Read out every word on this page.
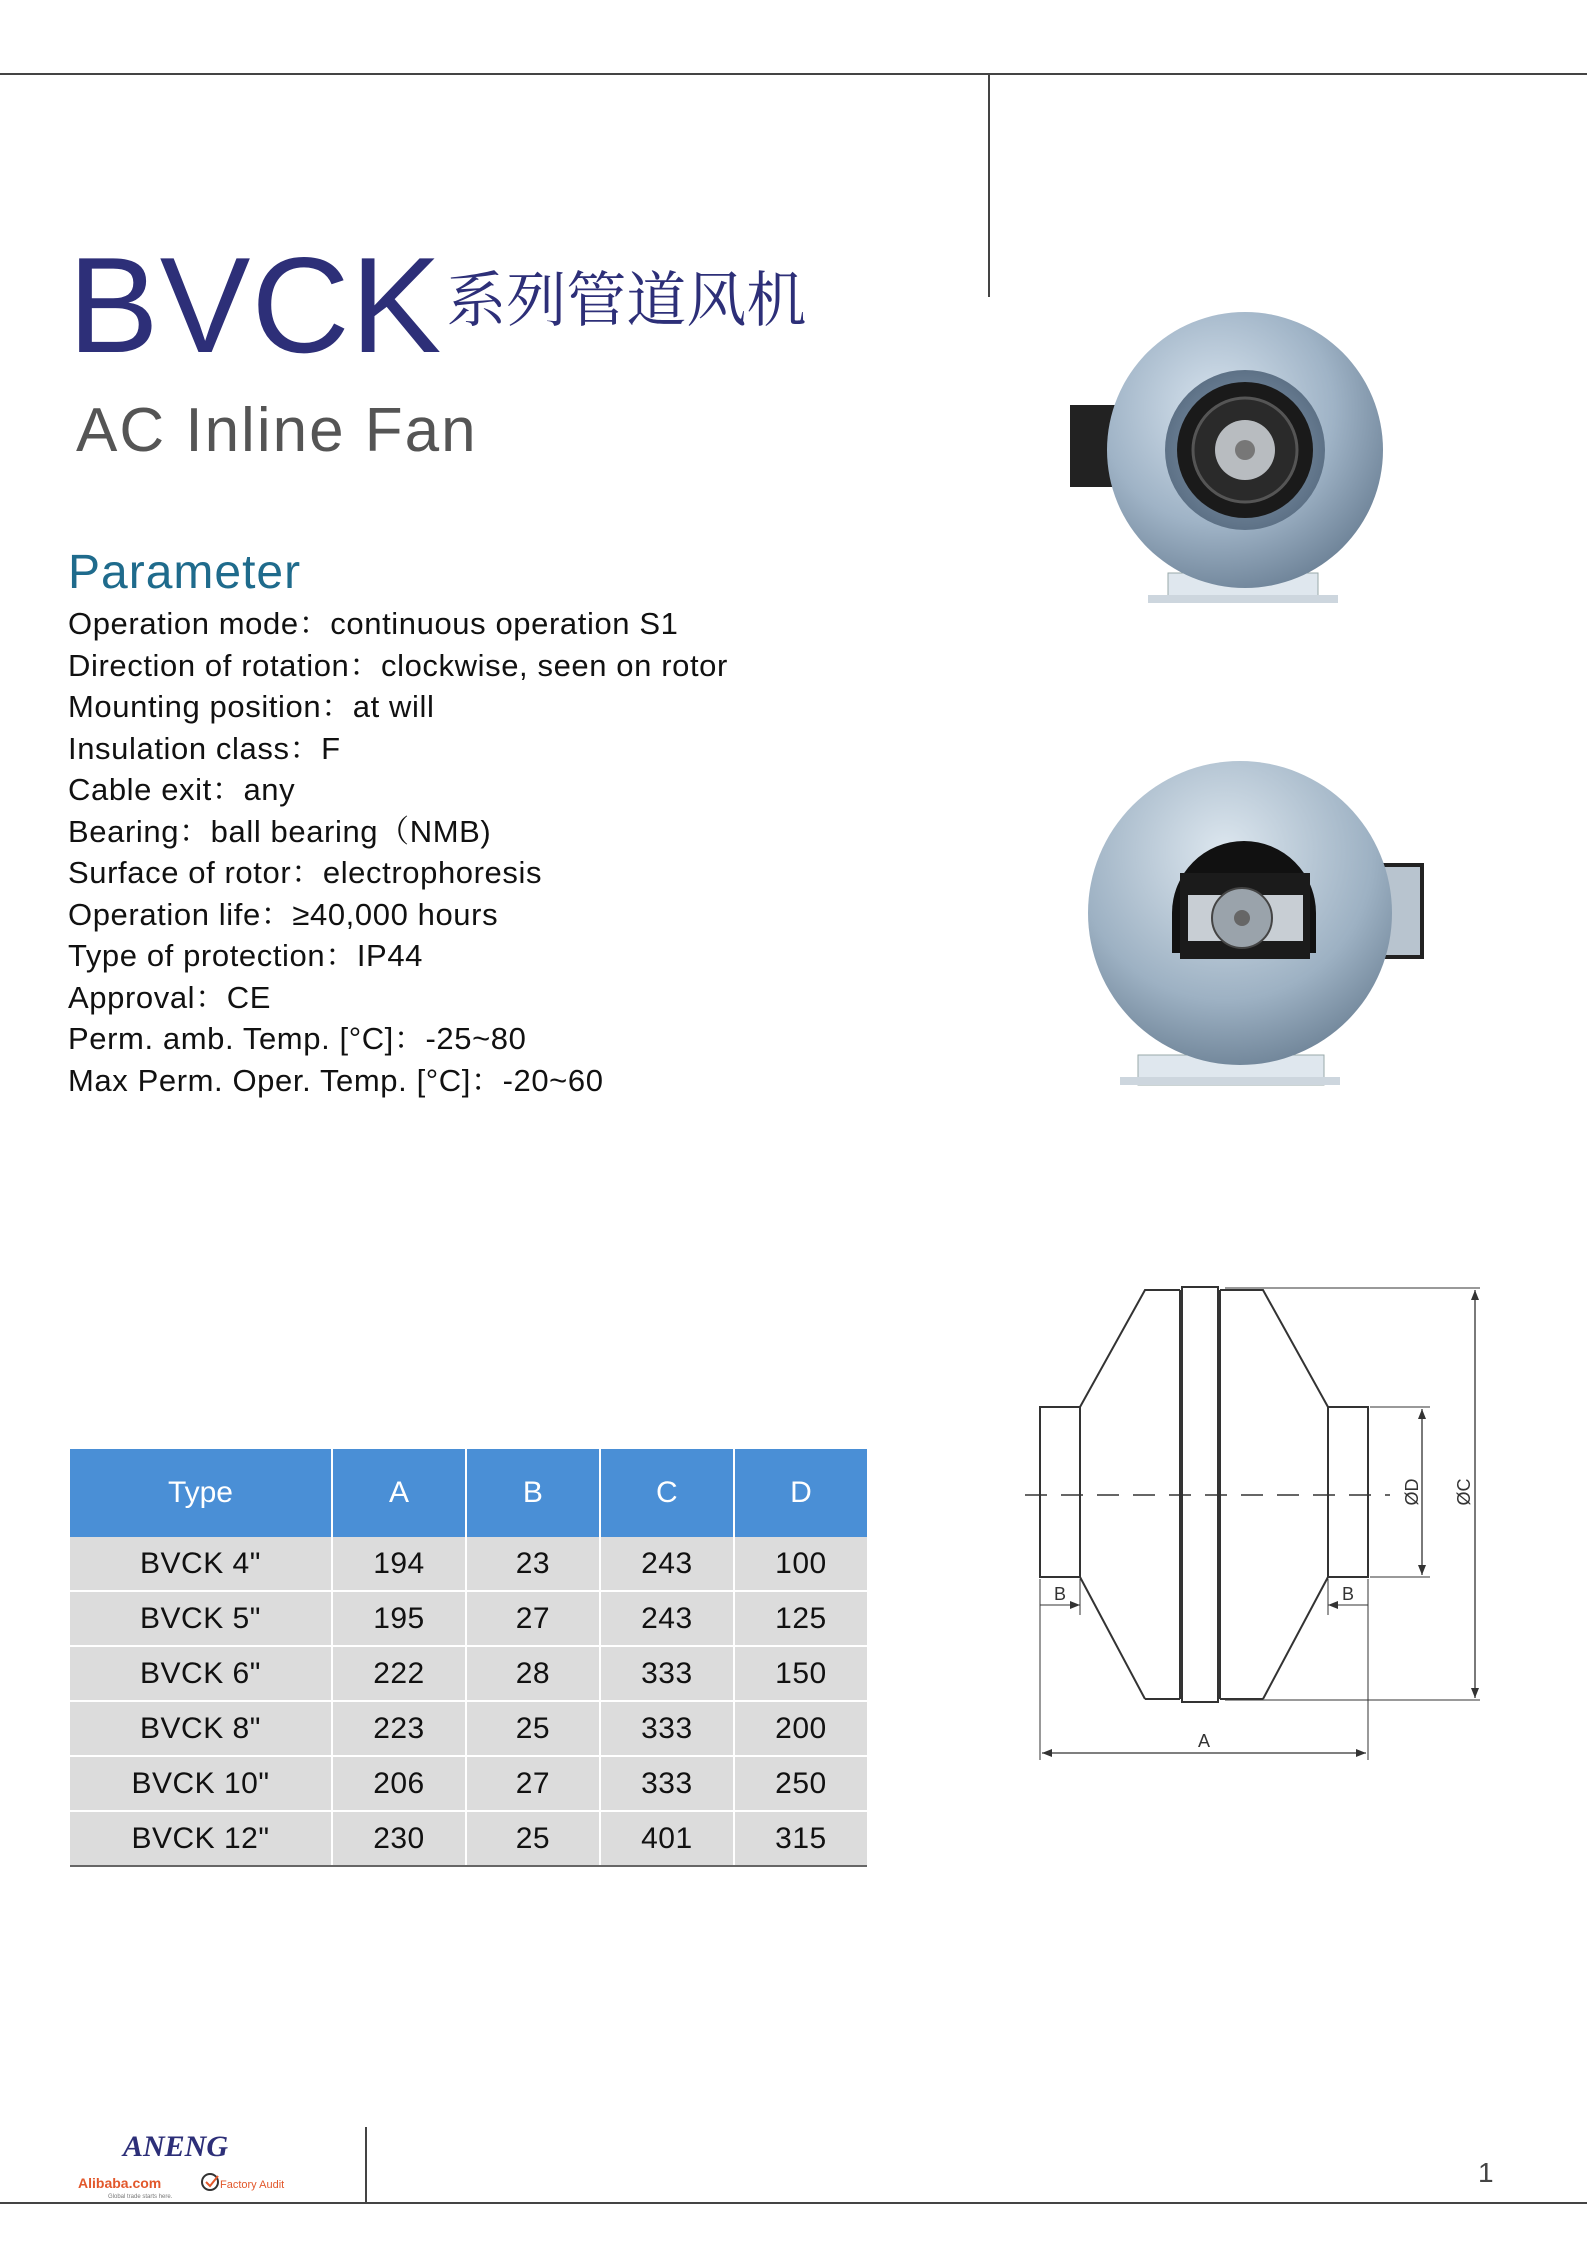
BVCK系列管道风机
AC Inline Fan
Parameter
Operation mode：continuous operation S1
Direction of rotation：clockwise, seen on rotor
Mounting position：at will
Insulation class：F
Cable exit：any
Bearing：ball bearing（NMB)
Surface of rotor：electrophoresis
Operation life：≥40,000 hours
Type of protection：IP44
Approval：CE
Perm. amb. Temp. [°C]：-25~80
Max Perm. Oper. Temp. [°C]：-20~60
B	B
A
ØD ØC
Type	A	B	C	D
BVCK 4"	194	23	243	100
BVCK 5"	195	27	243	125
BVCK 6"	222	28	333	150
BVCK 8"	223	25	333	200
BVCK 10"	206	27	333	250
BVCK 12"	230	25	401	315
ANENG
Alibaba.com
Global trade starts here.
Factory Audit	1
